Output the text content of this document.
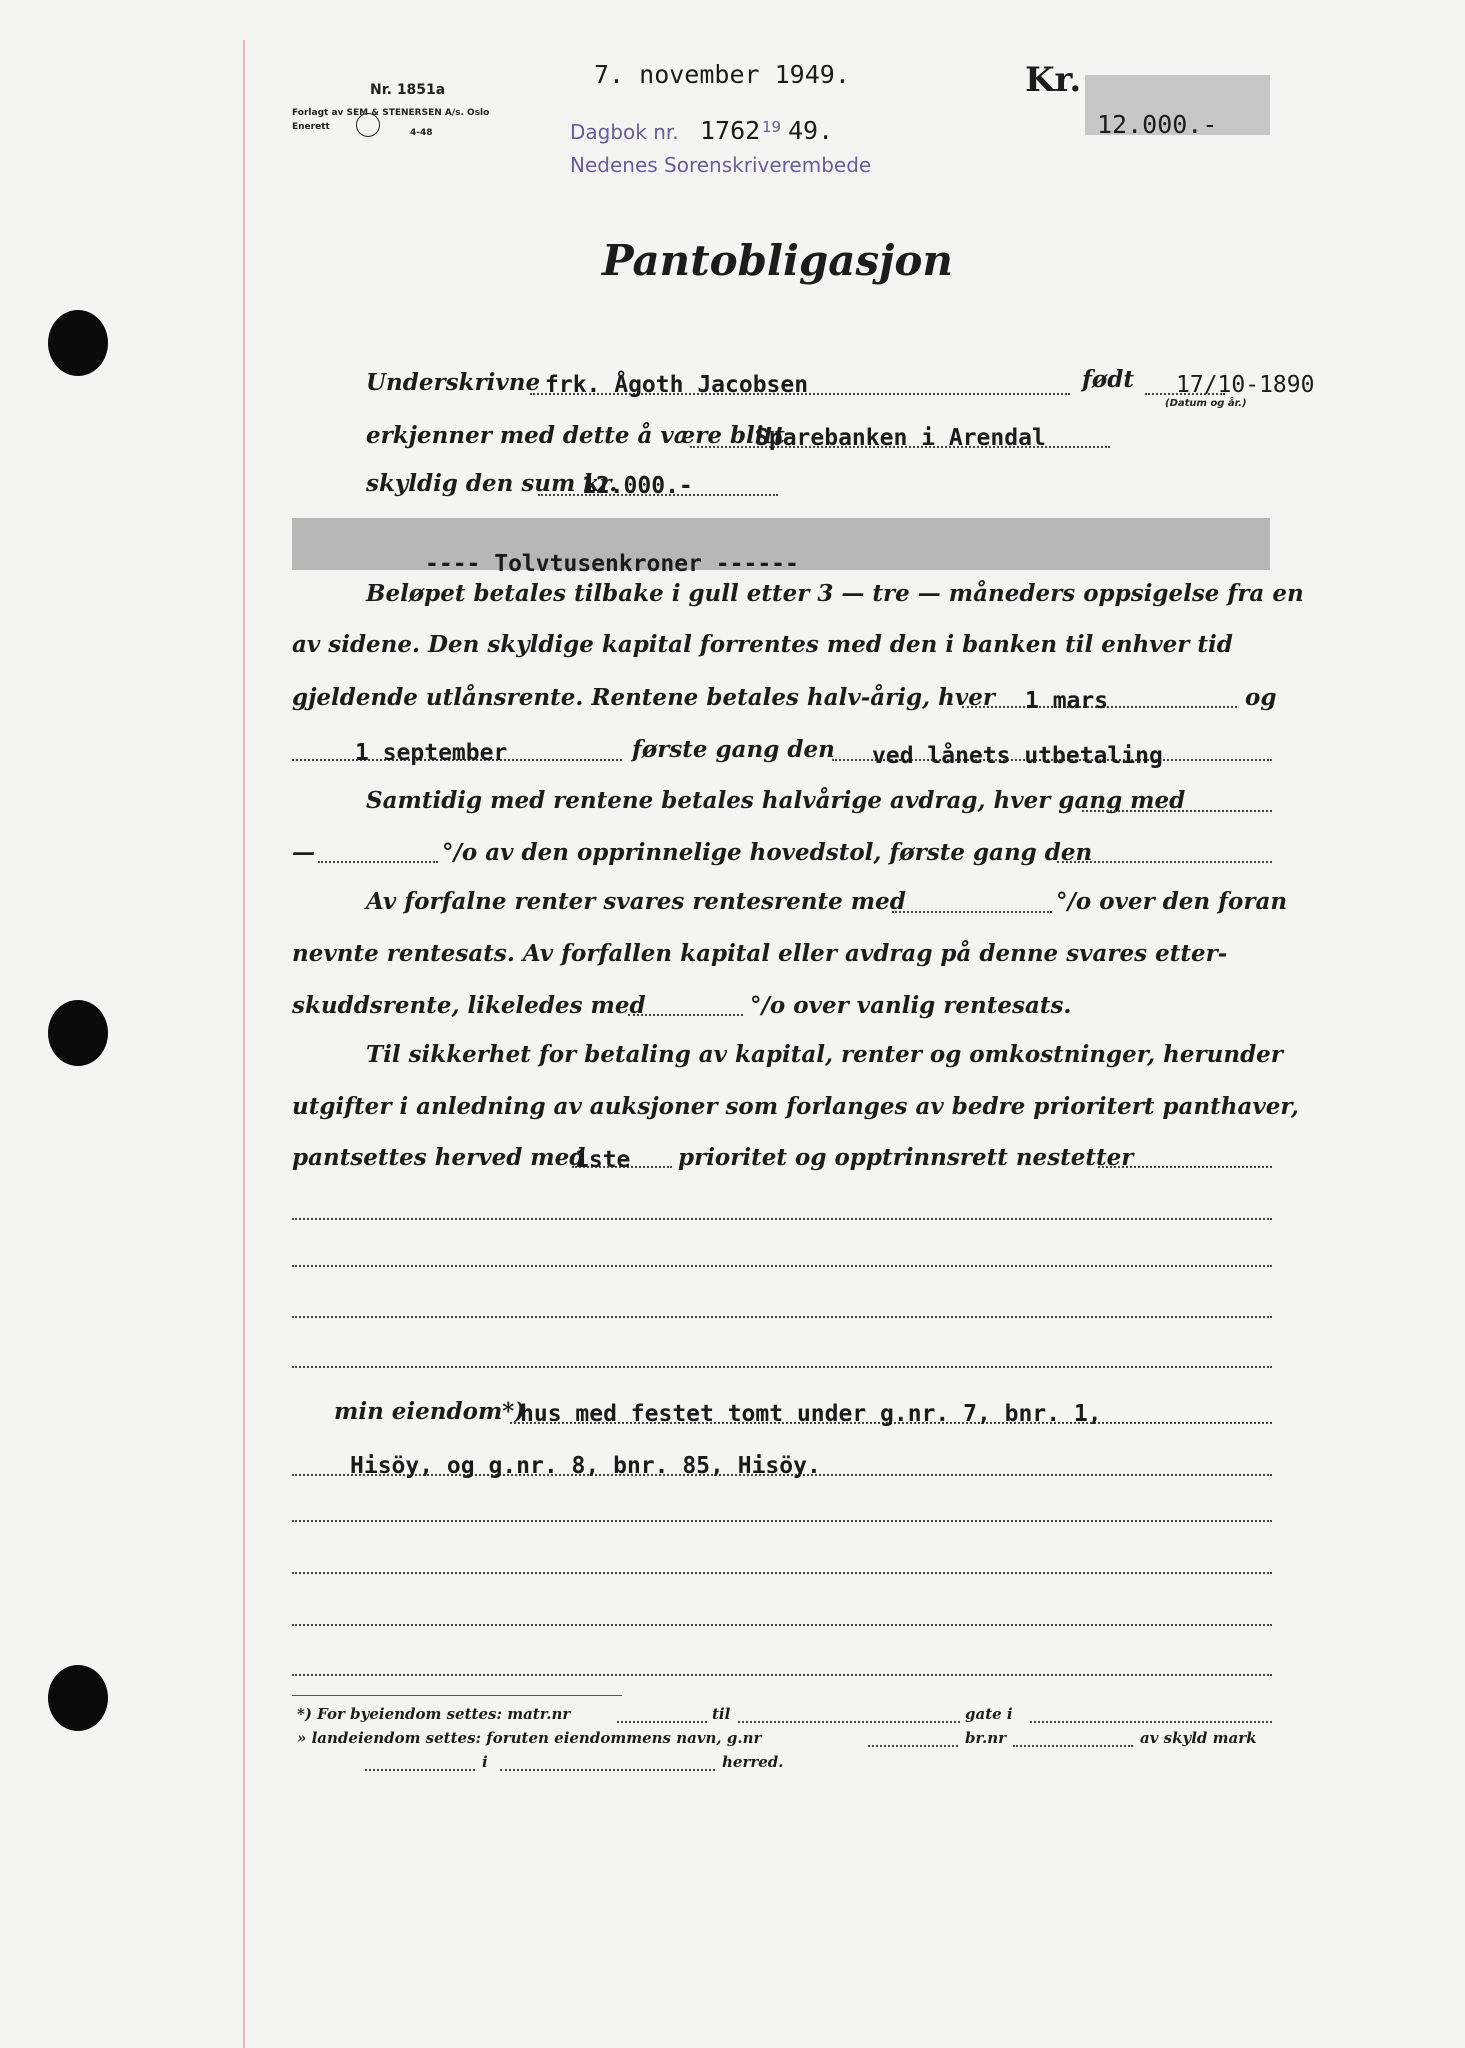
Nr. 1851a
Forlagt av SEM & STENERSEN A/s. Oslo
Enerett
4-48
7. november 1949.	Kr.
12.000.-
Dagbok nr. 1762 19 49.
Nedenes Sorenskriverembede
Pantobligasjon
Underskrivne frk. Ågoth Jacobsen	født 17/10-1890
(Datum og år.)
erkjenner med dette å være blitt
Sparebanken i Arendal
skyldig den sum kr.
12.000.-
---- Tolvtusenkroner ------
Beløpet betales tilbake i gull etter 3 — tre — måneders oppsigelse fra en
av sidene. Den skyldige kapital forrentes med den i banken til enhver tid
gjeldende utlånsrente. Rentene betales halv-årig, hver 1 mars	og
1 september	første gang den ved lånets utbetaling
Samtidig med rentene betales halvårige avdrag, hver gang med
—	°/o av den opprinnelige hovedstol, første gang den
Av forfalne renter svares rentesrente med	°/o over den foran
nevnte rentesats. Av forfallen kapital eller avdrag på denne svares etter-
skuddsrente, likeledes med	°/o over vanlig rentesats.
Til sikkerhet for betaling av kapital, renter og omkostninger, herunder
utgifter i anledning av auksjoner som forlanges av bedre prioritert panthaver,
pantsettes herved med
1ste prioritet og opptrinnsrett nestetter
min eiendom*)
hus med festet tomt under g.nr. 7, bnr. 1,
Hisöy, og g.nr. 8, bnr. 85, Hisöy.
*) For byeiendom settes: matr.nr	til	gate i
» landeiendom settes: foruten eiendommens navn, g.nr	br.nr	av skyld mark
i	herred.
